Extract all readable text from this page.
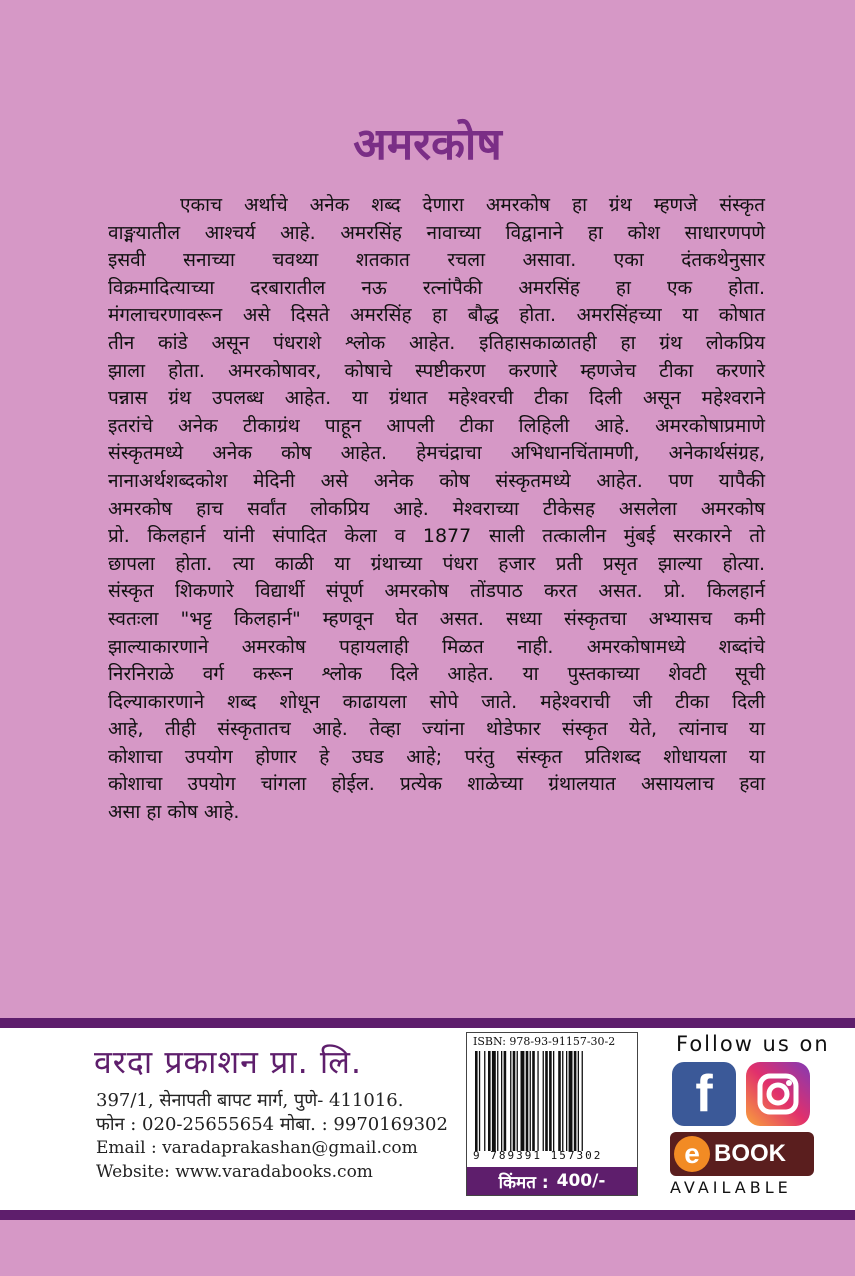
अमरकोष

एकाच अर्थाचे अनेक शब्द देणारा अमरकोष हा ग्रंथ म्हणजे संस्कृत
वाङ्मयातील आश्चर्य आहे. अमरसिंह नावाच्या विद्वानाने हा कोश साधारणपणे
इसवी सनाच्या चवथ्या शतकात रचला असावा. एका दंतकथेनुसार
विक्रमादित्याच्या दरबारातील नऊ रत्नांपैकी अमरसिंह हा एक होता.
मंगलाचरणावरून असे दिसते अमरसिंह हा बौद्ध होता. अमरसिंहच्या या कोषात
तीन कांडे असून पंधराशे श्लोक आहेत. इतिहासकाळातही हा ग्रंथ लोकप्रिय
झाला होता. अमरकोषावर, कोषाचे स्पष्टीकरण करणारे म्हणजेच टीका करणारे
पन्नास ग्रंथ उपलब्ध आहेत. या ग्रंथात महेश्वरची टीका दिली असून महेश्वराने
इतरांचे अनेक टीकाग्रंथ पाहून आपली टीका लिहिली आहे. अमरकोषाप्रमाणे
संस्कृतमध्ये अनेक कोष आहेत. हेमचंद्राचा अभिधानचिंतामणी, अनेकार्थसंग्रह,
नानाअर्थशब्दकोश मेदिनी असे अनेक कोष संस्कृतमध्ये आहेत. पण यापैकी
अमरकोष हाच सर्वांत लोकप्रिय आहे. मेश्वराच्या टीकेसह असलेला अमरकोष
प्रो. किलहार्न यांनी संपादित केला व 1877 साली तत्कालीन मुंबई सरकारने तो
छापला होता. त्या काळी या ग्रंथाच्या पंधरा हजार प्रती प्रसृत झाल्या होत्या.
संस्कृत शिकणारे विद्यार्थी संपूर्ण अमरकोष तोंडपाठ करत असत. प्रो. किलहार्न
स्वतःला "भट्ट किलहार्न" म्हणवून घेत असत. सध्या संस्कृतचा अभ्यासच कमी
झाल्याकारणाने अमरकोष पहायलाही मिळत नाही. अमरकोषामध्ये शब्दांचे
निरनिराळे वर्ग करून श्लोक दिले आहेत. या पुस्तकाच्या शेवटी सूची
दिल्याकारणाने शब्द शोधून काढायला सोपे जाते. महेश्वराची जी टीका दिली
आहे, तीही संस्कृतातच आहे. तेव्हा ज्यांना थोडेफार संस्कृत येते, त्यांनाच या
कोशाचा उपयोग होणार हे उघड आहे; परंतु संस्कृत प्रतिशब्द शोधायला या
कोशाचा उपयोग चांगला होईल. प्रत्येक शाळेच्या ग्रंथालयात असायलाच हवा
असा हा कोष आहे.

वरदा प्रकाशन प्रा. लि.
397/1, सेनापती बापट मार्ग, पुणे- 411016.
फोन : 020-25655654 मोबा. : 9970169302
Email : varadaprakashan@gmail.com
Website: www.varadabooks.com
ISBN: 978-93-91157-30-2
9 789391 157302
किंमत : 400/-
Follow us on
f
e BOOK
AVAILABLE
